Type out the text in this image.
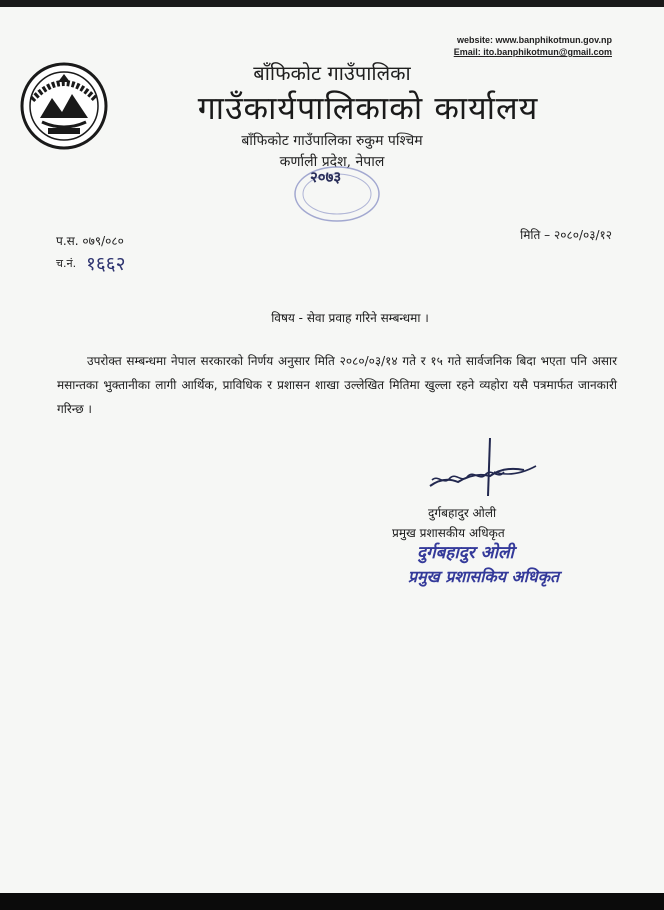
website: www.banphikotmun.gov.np
Email: ito.banphikotmun@gmail.com
बाँफिकोट गाउँपालिका
गाउँकार्यपालिकाको कार्यालय
बाँफिकोट गाउँपालिका रुकुम पश्चिम
कर्णाली प्रदेश, नेपाल
२०७३
प.स. ०७९/०८०
च.नं. १६६२
मिति – २०८०/०३/१२
विषय - सेवा प्रवाह गरिने सम्बन्धमा ।
उपरोक्त सम्बन्धमा नेपाल सरकारको निर्णय अनुसार मिति २०८०/०३/१४ गते र १५ गते सार्वजनिक बिदा भएता पनि असार मसान्तका भुक्तानीका लागी आर्थिक, प्राविधिक र प्रशासन शाखा उल्लेखित मितिमा खुल्ला रहने व्यहोरा यसै पत्रमार्फत जानकारी गरिन्छ ।
दुर्गबहादुर ओली
प्रमुख प्रशासकीय अधिकृत
दुर्गबहादुर ओली
प्रमुख प्रशासकिय अधिकृत
